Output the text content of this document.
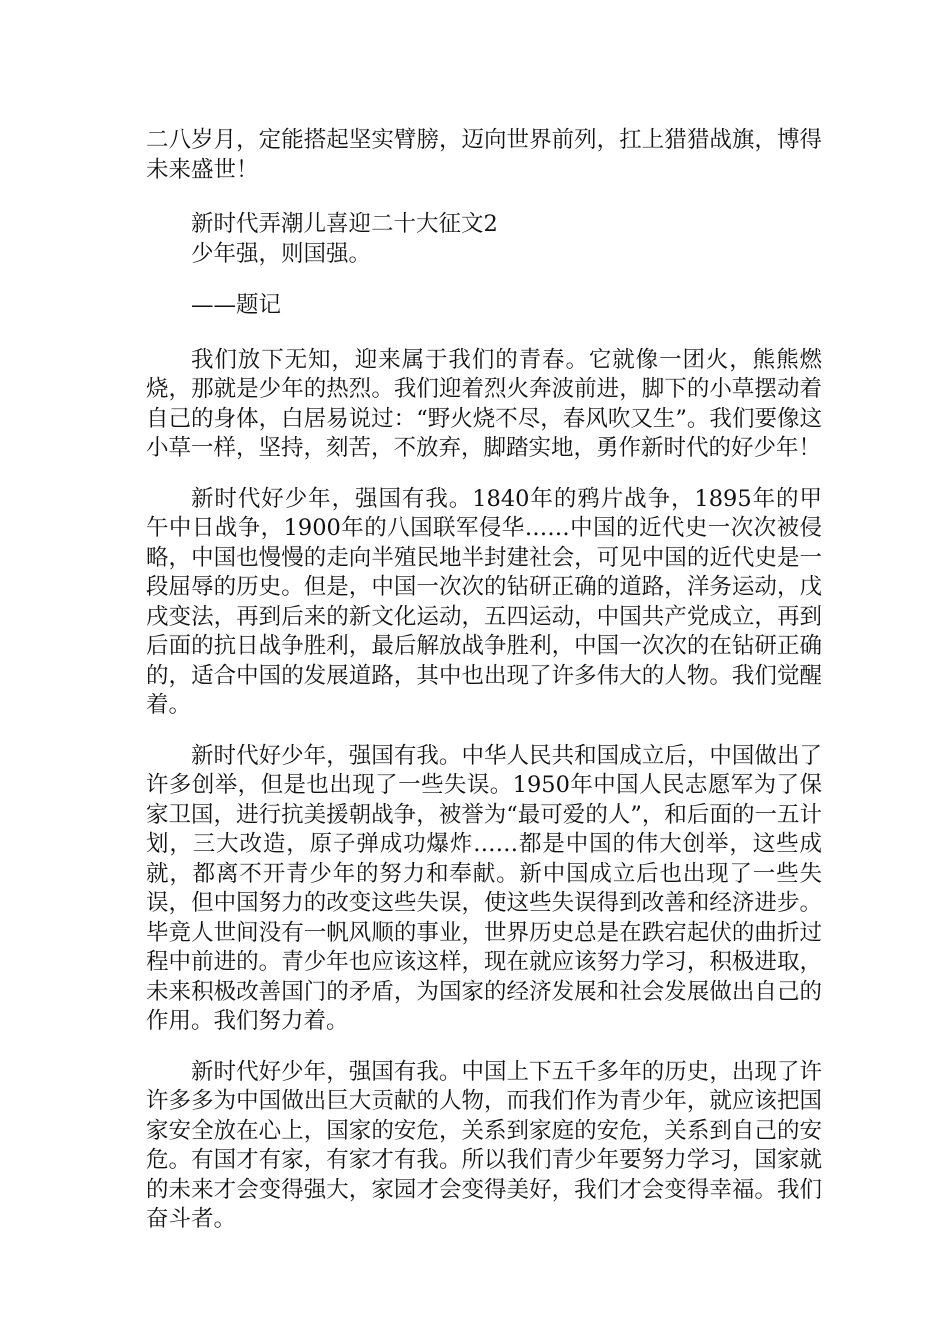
二八岁月，定能搭起坚实臂膀，迈向世界前列，扛上猎猎战旗，博得未来盛世！

新时代弄潮儿喜迎二十大征文2

少年强，则国强。

——题记

我们放下无知，迎来属于我们的青春。它就像一团火，熊熊燃烧，那就是少年的热烈。我们迎着烈火奔波前进，脚下的小草摆动着自己的身体，白居易说过：“野火烧不尽，春风吹又生”。我们要像这小草一样，坚持，刻苦，不放弃，脚踏实地，勇作新时代的好少年！

新时代好少年，强国有我。1840年的鸦片战争，1895年的甲午中日战争，1900年的八国联军侵华……中国的近代史一次次被侵略，中国也慢慢的走向半殖民地半封建社会，可见中国的近代史是一段屈辱的历史。但是，中国一次次的钻研正确的道路，洋务运动，戊戌变法，再到后来的新文化运动，五四运动，中国共产党成立，再到后面的抗日战争胜利，最后解放战争胜利，中国一次次的在钻研正确的，适合中国的发展道路，其中也出现了许多伟大的人物。我们觉醒着。

新时代好少年，强国有我。中华人民共和国成立后，中国做出了许多创举，但是也出现了一些失误。1950年中国人民志愿军为了保家卫国，进行抗美援朝战争，被誉为“最可爱的人”，和后面的一五计划，三大改造，原子弹成功爆炸……都是中国的伟大创举，这些成就，都离不开青少年的努力和奉献。新中国成立后也出现了一些失误，但中国努力的改变这些失误，使这些失误得到改善和经济进步。毕竟人世间没有一帆风顺的事业，世界历史总是在跌宕起伏的曲折过程中前进的。青少年也应该这样，现在就应该努力学习，积极进取，未来积极改善国门的矛盾，为国家的经济发展和社会发展做出自己的作用。我们努力着。

新时代好少年，强国有我。中国上下五千多年的历史，出现了许许多多为中国做出巨大贡献的人物，而我们作为青少年，就应该把国家安全放在心上，国家的安危，关系到家庭的安危，关系到自己的安危。有国才有家，有家才有我。所以我们青少年要努力学习，国家就的未来才会变得强大，家园才会变得美好，我们才会变得幸福。我们奋斗者。
